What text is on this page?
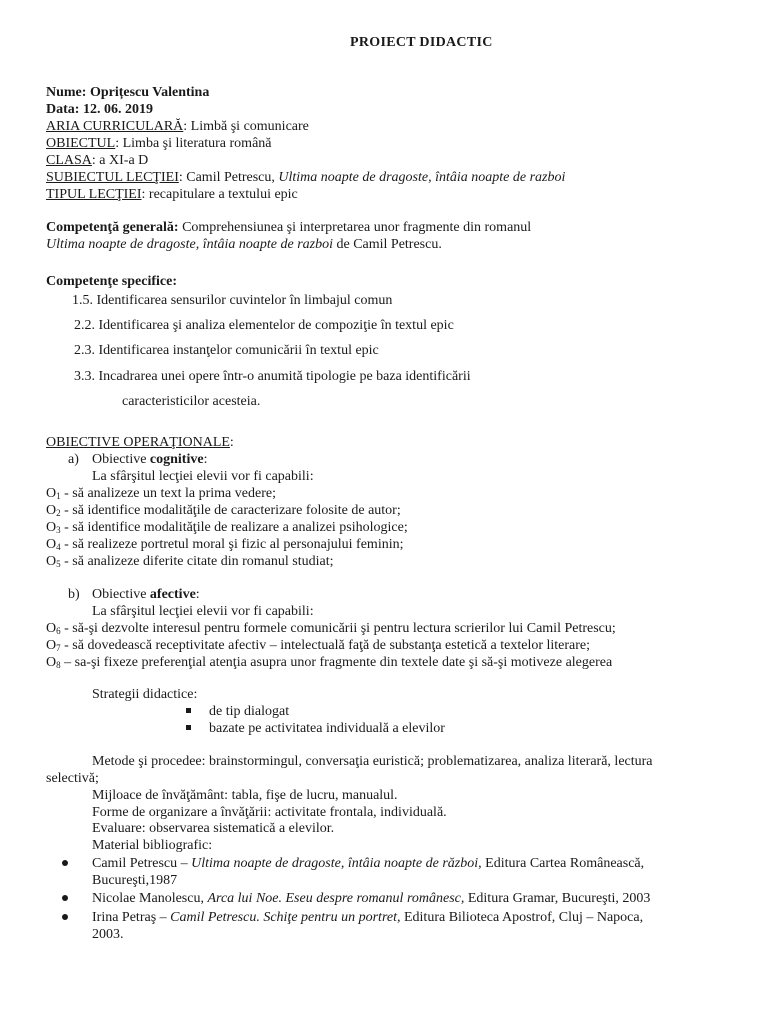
PROIECT DIDACTIC
Nume: Oprițescu Valentina
Data: 12. 06. 2019
ARIA CURRICULARĂ: Limbă şi comunicare
OBIECTUL: Limba şi literatura română
CLASA: a XI-a D
SUBIECTUL LECŢIEI: Camil Petrescu, Ultima noapte de dragoste, întâia noapte de razboi
TIPUL LECŢIEI: recapitulare a textului epic
Competenţă generală: Comprehensiunea şi interpretarea unor fragmente din romanul
Ultima noapte de dragoste, întâia noapte de razboi de Camil Petrescu.
Competenţe specifice:
1.5. Identificarea sensurilor cuvintelor în limbajul comun
2.2. Identificarea şi analiza elementelor de compoziţie în textul epic
2.3. Identificarea instanţelor comunicării în textul epic
3.3. Incadrarea unei opere într-o anumită tipologie pe baza identificării
caracteristicilor acesteia.
OBIECTIVE OPERAŢIONALE:
a) Obiective cognitive:
La sfârşitul lecţiei elevii vor fi capabili:
$O_1$ - să analizeze un text la prima vedere;
$O_2$ - să identifice modalităţile de caracterizare folosite de autor;
$O_3$ - să identifice modalităţile de realizare a analizei psihologice;
$O_4$ - să realizeze portretul moral şi fizic al personajului feminin;
$O_5$ - să analizeze diferite citate din romanul studiat;
b) Obiective afective:
La sfârşitul lecţiei elevii vor fi capabili:
$O_6$ - să-şi dezvolte interesul pentru formele comunicării şi pentru lectura scrierilor lui Camil Petrescu;
$O_7$ - să dovedească receptivitate afectiv – intelectuală faţă de substanţa estetică a textelor literare;
$O_8$ – sa-şi fixeze preferenţial atenţia asupra unor fragmente din textele date şi să-şi motiveze alegerea
Strategii didactice:
de tip dialogat
bazate pe activitatea individuală a elevilor
Metode şi procedee: brainstormingul, conversaţia euristică; problematizarea, analiza literară, lectura
selectivă;
Mijloace de învăţământ: tabla, fişe de lucru, manualul.
Forme de organizare a învăţării: activitate frontala, individuală.
Evaluare: observarea sistematică a elevilor.
Material bibliografic:
Camil Petrescu – Ultima noapte de dragoste, întâia noapte de război, Editura Cartea Românească,
Bucureşti,1987
Nicolae Manolescu, Arca lui Noe. Eseu despre romanul românesc, Editura Gramar, Bucureşti, 2003
Irina Petraş – Camil Petrescu. Schiţe pentru un portret, Editura Bilioteca Apostrof, Cluj – Napoca,
2003.
